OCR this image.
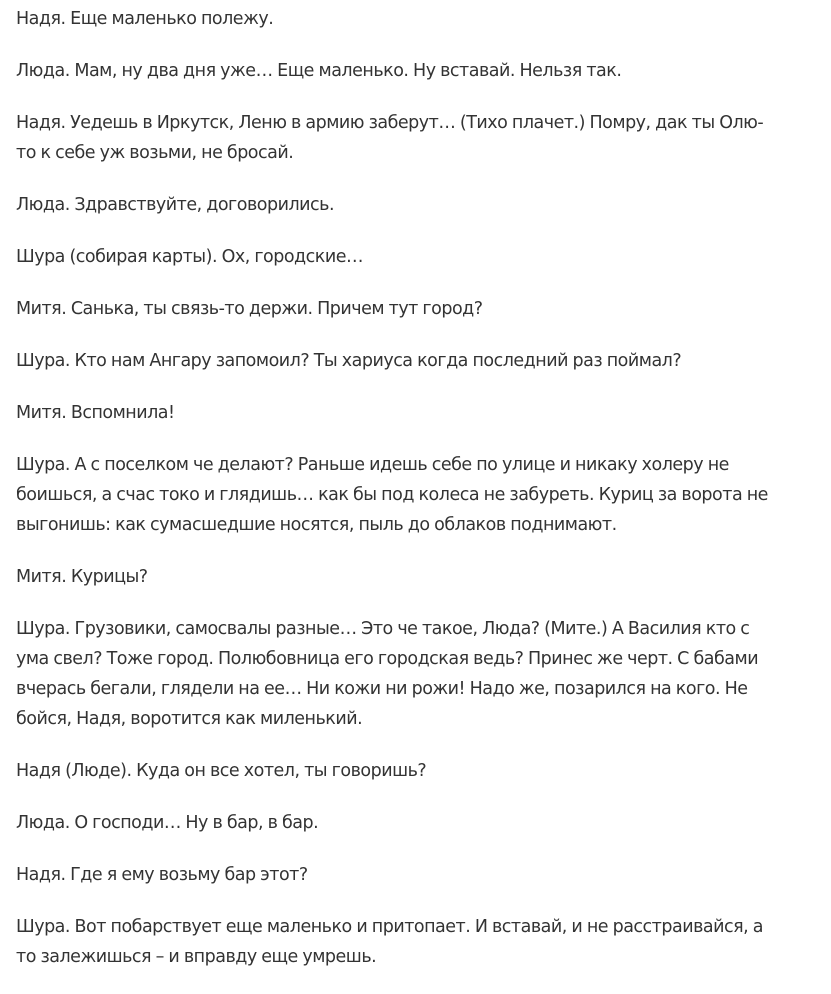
Надя. Еще маленько полежу.

Люда. Мам, ну два дня уже… Еще маленько. Ну вставай. Нельзя так.

Надя. Уедешь в Иркутск, Леню в армию заберут… (Тихо плачет.) Помру, дак ты Олю-
то к себе уж возьми, не бросай.

Люда. Здравствуйте, договорились.

Шура (собирая карты). Ох, городские…

Митя. Санька, ты связь-то держи. Причем тут город?

Шура. Кто нам Ангару запомоил? Ты хариуса когда последний раз поймал?

Митя. Вспомнила!

Шура. А с поселком че делают? Раньше идешь себе по улице и никаку холеру не
боишься, а счас токо и глядишь… как бы под колеса не забуреть. Куриц за ворота не
выгонишь: как сумасшедшие носятся, пыль до облаков поднимают.

Митя. Курицы?

Шура. Грузовики, самосвалы разные… Это че такое, Люда? (Мите.) А Василия кто с
ума свел? Тоже город. Полюбовница его городская ведь? Принес же черт. С бабами
вчерась бегали, глядели на ее… Ни кожи ни рожи! Надо же, позарился на кого. Не
бойся, Надя, воротится как миленький.

Надя (Люде). Куда он все хотел, ты говоришь?

Люда. О господи… Ну в бар, в бар.

Надя. Где я ему возьму бар этот?

Шура. Вот побарствует еще маленько и притопает. И вставай, и не расстраивайся, а
то залежишься – и вправду еще умрешь.
